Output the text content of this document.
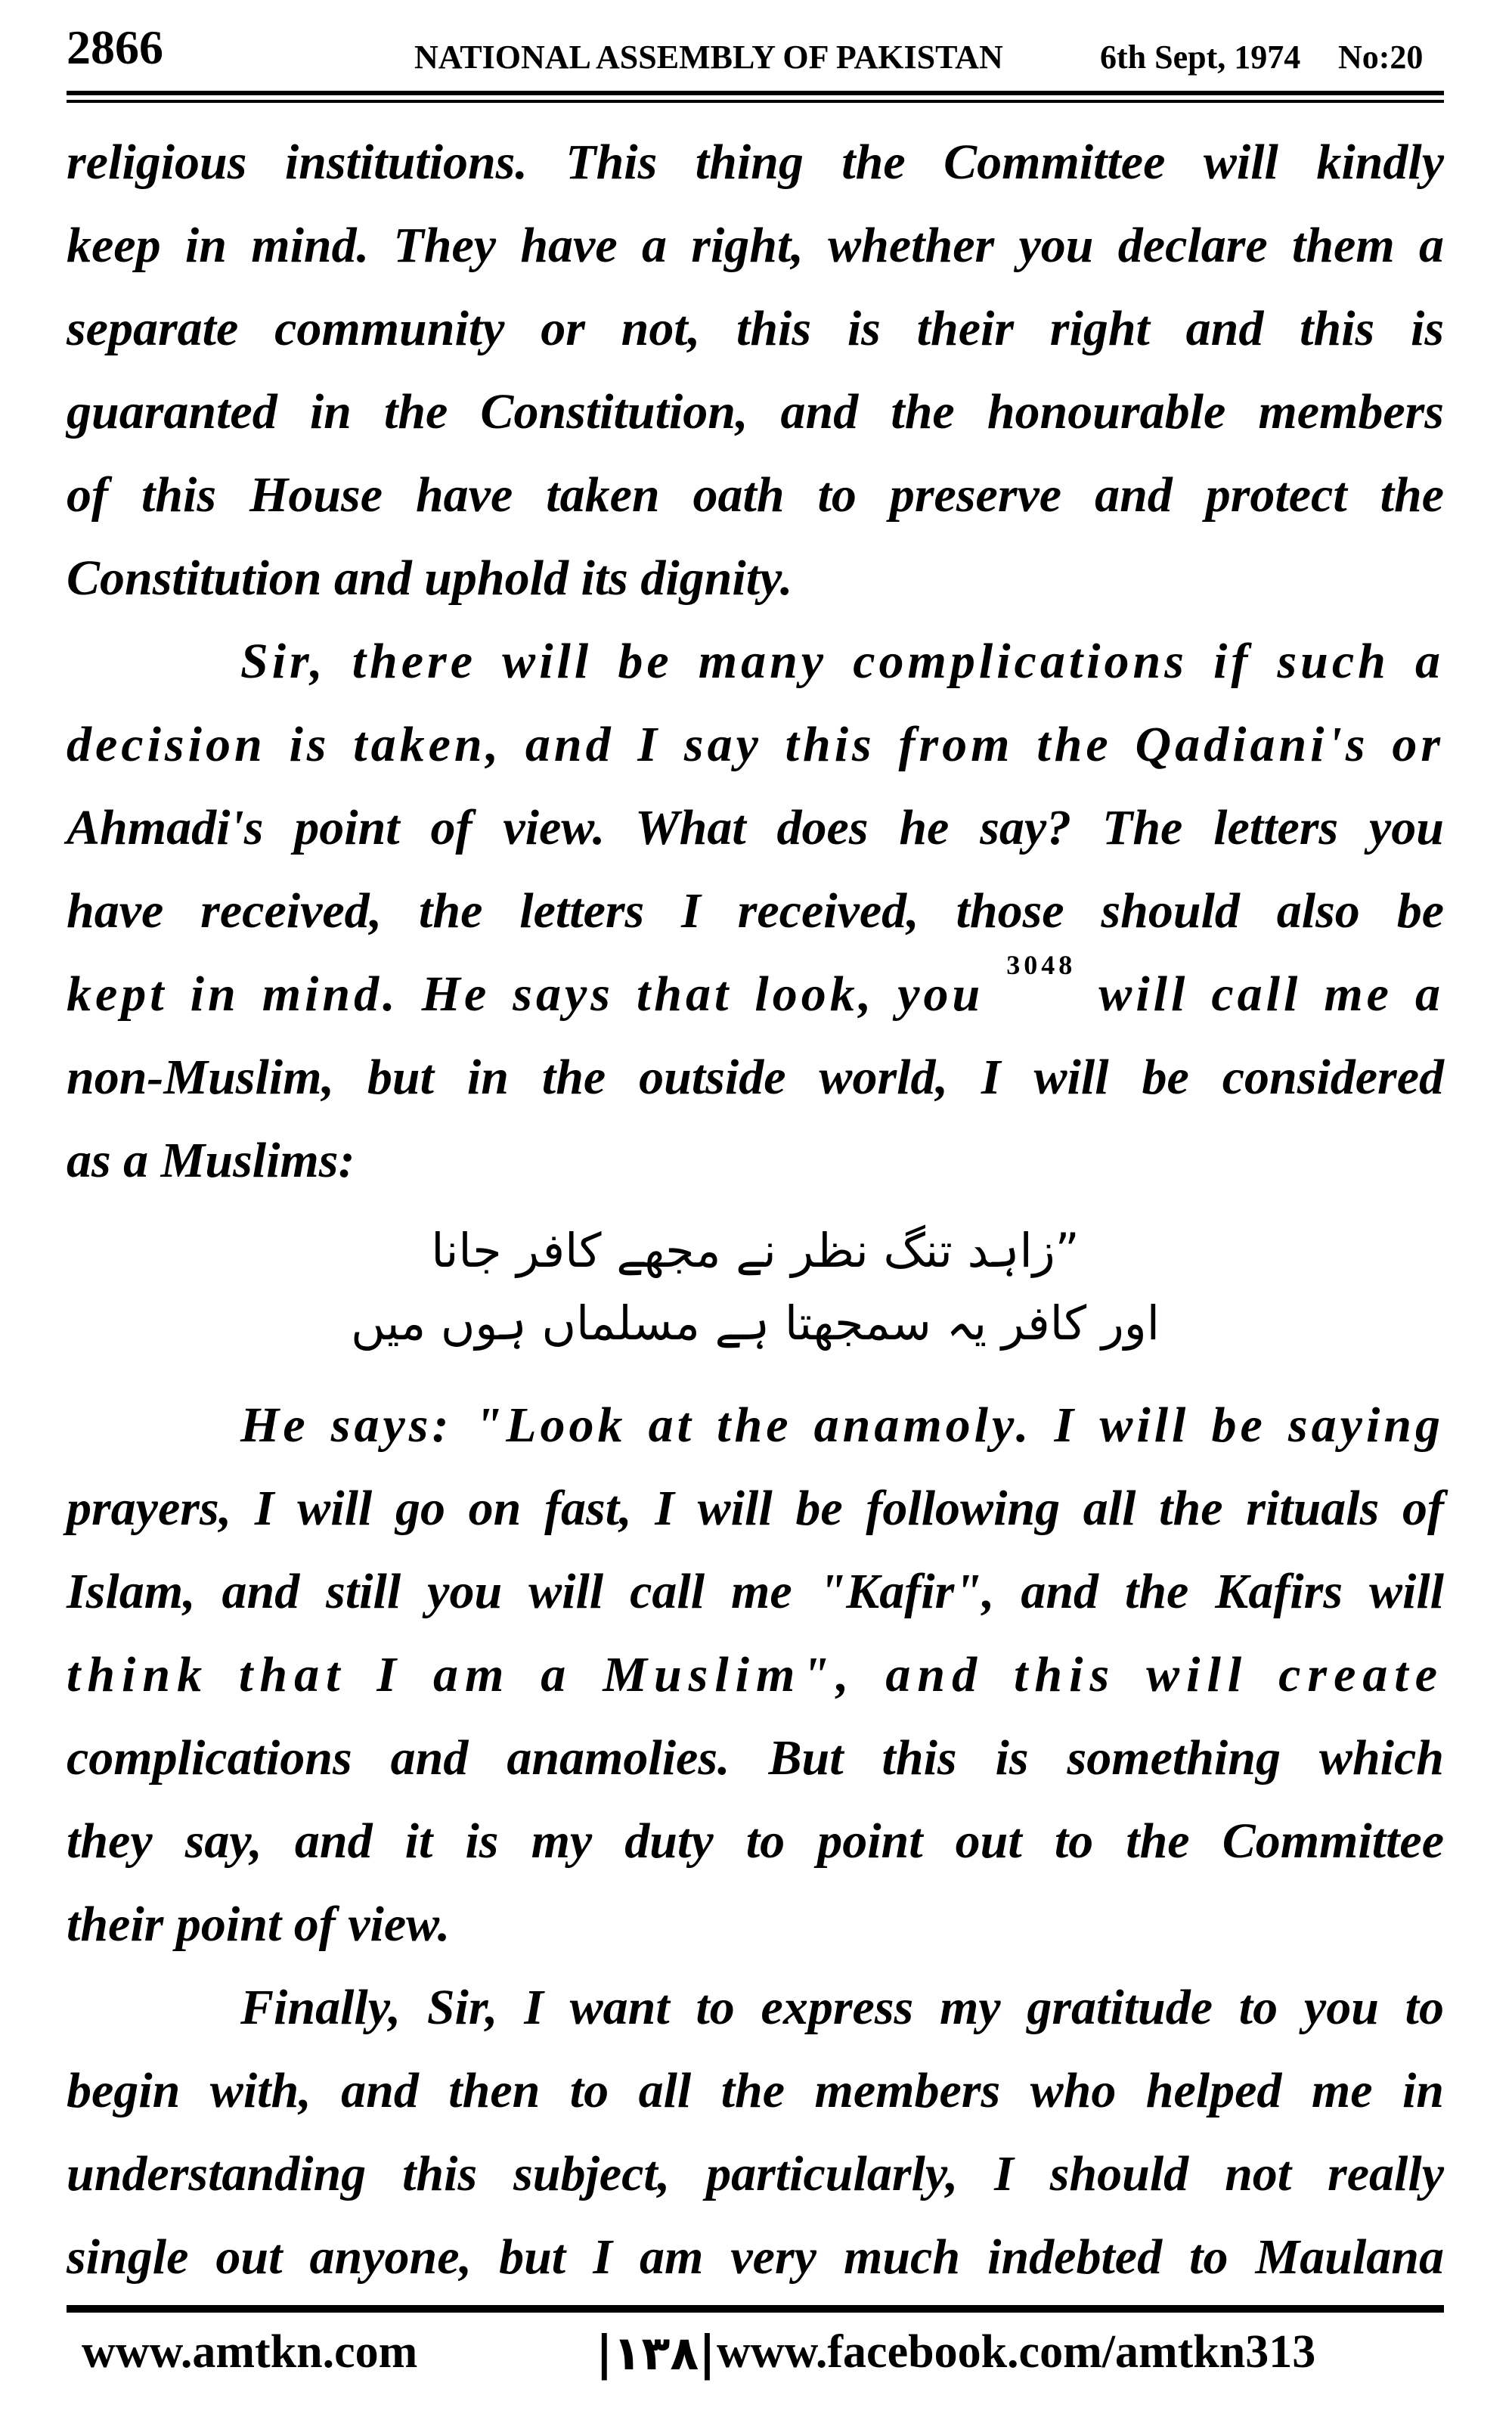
2866	NATIONAL ASSEMBLY OF PAKISTAN	6th Sept, 1974 No:20
religious institutions. This thing the Committee will kindly
keep in mind. They have a right, whether you declare them a
separate community or not, this is their right and this is
guaranted in the Constitution, and the honourable members
of this House have taken oath to preserve and protect the
Constitution and uphold its dignity.
Sir, there will be many complications if such a
decision is taken, and I say this from the Qadiani's or
Ahmadi's point of view. What does he say? The letters you
have received, the letters I received, those should also be
kept in mind. He says that look, you $^{3048}$ will call me a
non-Muslim, but in the outside world, I will be considered
as a Muslims:
”زاہد تنگ نظر نے مجھے کافر جانا
اور کافر یہ سمجھتا ہے مسلماں ہوں میں
He says: "Look at the anamoly. I will be saying
prayers, I will go on fast, I will be following all the rituals of
Islam, and still you will call me "Kafir", and the Kafirs will
think that I am a Muslim", and this will create
complications and anamolies. But this is something which
they say, and it is my duty to point out to the Committee
their point of view.
Finally, Sir, I want to express my gratitude to you to
begin with, and then to all the members who helped me in
understanding this subject, particularly, I should not really
single out anyone, but I am very much indebted to Maulana
www.amtkn.com	|۱۳۸| www.facebook.com/amtkn313
